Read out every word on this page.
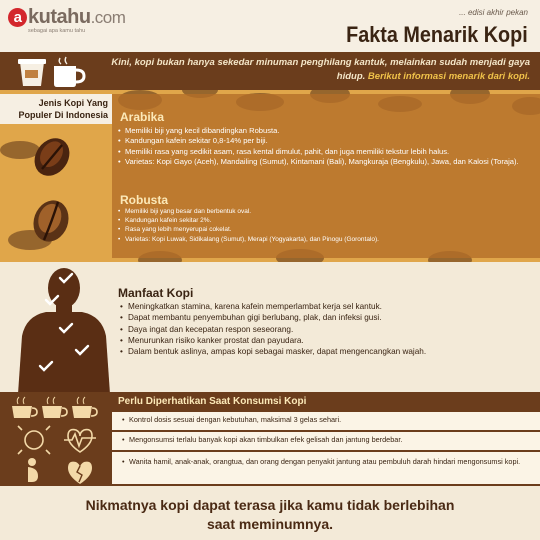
a kutahu.com
sebagai apa kamu tahu
... edisi akhir pekan
Fakta Menarik Kopi
Kini, kopi bukan hanya sekedar minuman penghilang kantuk, melainkan sudah menjadi gaya hidup. Berikut informasi menarik dari kopi.
Jenis Kopi Yang
Populer Di Indonesia Arabika
• Memiliki biji yang kecil dibandingkan Robusta.
• Kandungan kafein sekitar 0,8-14% per biji.
• Memiliki rasa yang sedikit asam, rasa kental dimulut, pahit, dan juga memiliki tekstur lebih halus.
• Varietas: Kopi Gayo (Aceh), Mandailing (Sumut), Kintamani (Bali), Mangkuraja (Bengkulu), Jawa, dan Kalosi (Toraja).
Robusta
• Memiliki biji yang besar dan berbentuk oval.
• Kandungan kafein sekitar 2%.
• Rasa yang lebih menyerupai cokelat.
• Varietas: Kopi Luwak, Sidikalang (Sumut), Merapi (Yogyakarta), dan Pinogu (Gorontalo).
Manfaat Kopi
• Meningkatkan stamina, karena kafein memperlambat kerja sel kantuk.
• Dapat membantu penyembuhan gigi berlubang, plak, dan infeksi gusi.
• Daya ingat dan kecepatan respon seseorang.
• Menurunkan risiko kanker prostat dan payudara.
• Dalam bentuk aslinya, ampas kopi sebagai masker, dapat mengencangkan wajah.
Perlu Diperhatikan Saat Konsumsi Kopi
• Kontrol dosis sesuai dengan kebutuhan, maksimal 3 gelas sehari.
• Mengonsumsi terlalu banyak kopi akan timbulkan efek gelisah dan jantung berdebar.
• Wanita hamil, anak-anak, orangtua, dan orang dengan penyakit jantung atau pembuluh darah hindari mengonsumsi kopi.
Nikmatnya kopi dapat terasa jika kamu tidak berlebihan
saat meminumnya.
